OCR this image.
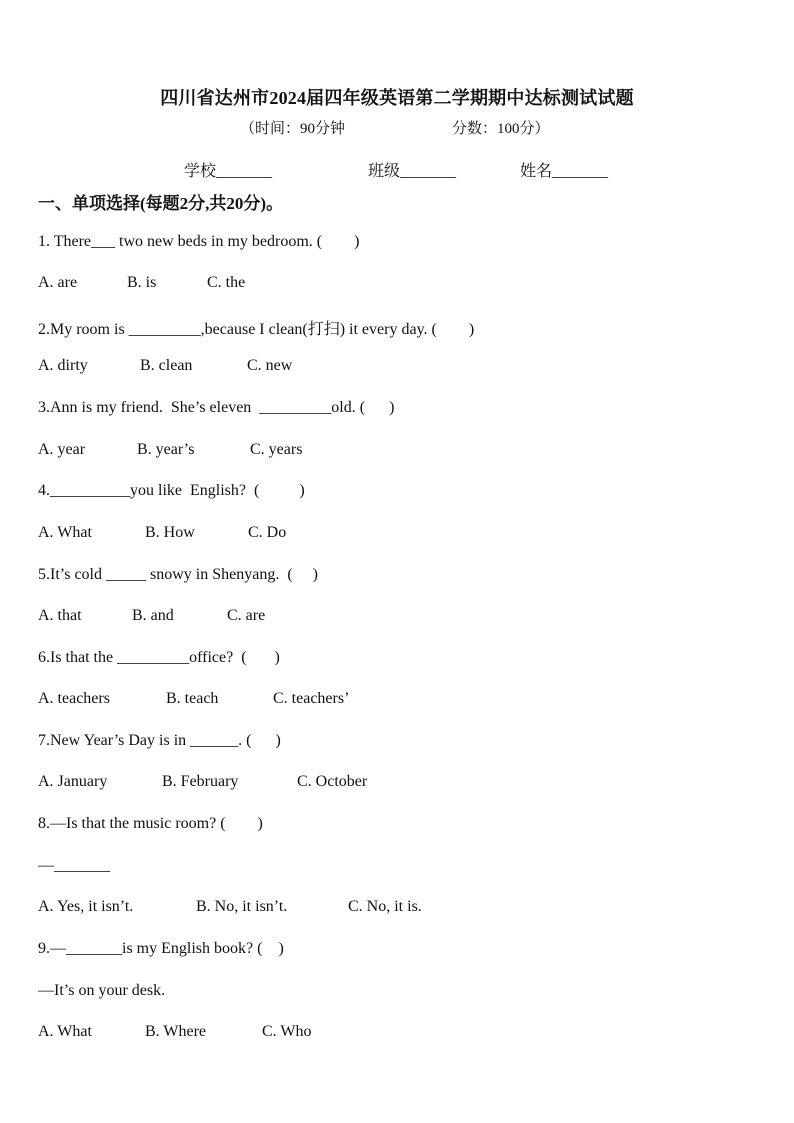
四川省达州市2024届四年级英语第二学期期中达标测试试题
（时间：90分钟	分数：100分）
学校_______	班级_______	姓名_______
一、单项选择(每题2分,共20分)。
1. There___ two new beds in my bedroom. (        )
A. are	B. is	C. the
2.My room is _________,because I clean(打扫) it every day. (        )
A. dirty	B. clean	C. new
3.Ann is my friend.  She’s eleven  _________old. (      )
A. year	B. year’s	C. years
4.__________you like  English?  (          )
A. What	B. How	C. Do
5.It’s cold _____ snowy in Shenyang.  (     )
A. that	B. and	C. are
6.Is that the _________office?  (       )
A. teachers	B. teach	C. teachers’
7.New Year’s Day is in ______. (      )
A. January	B. February	C. October
8.—Is that the music room? (        )
—_______
A. Yes, it isn’t.	B. No, it isn’t.	C. No, it is.
9.—_______is my English book? (    )
—It’s on your desk.
A. What	B. Where	C. Who
